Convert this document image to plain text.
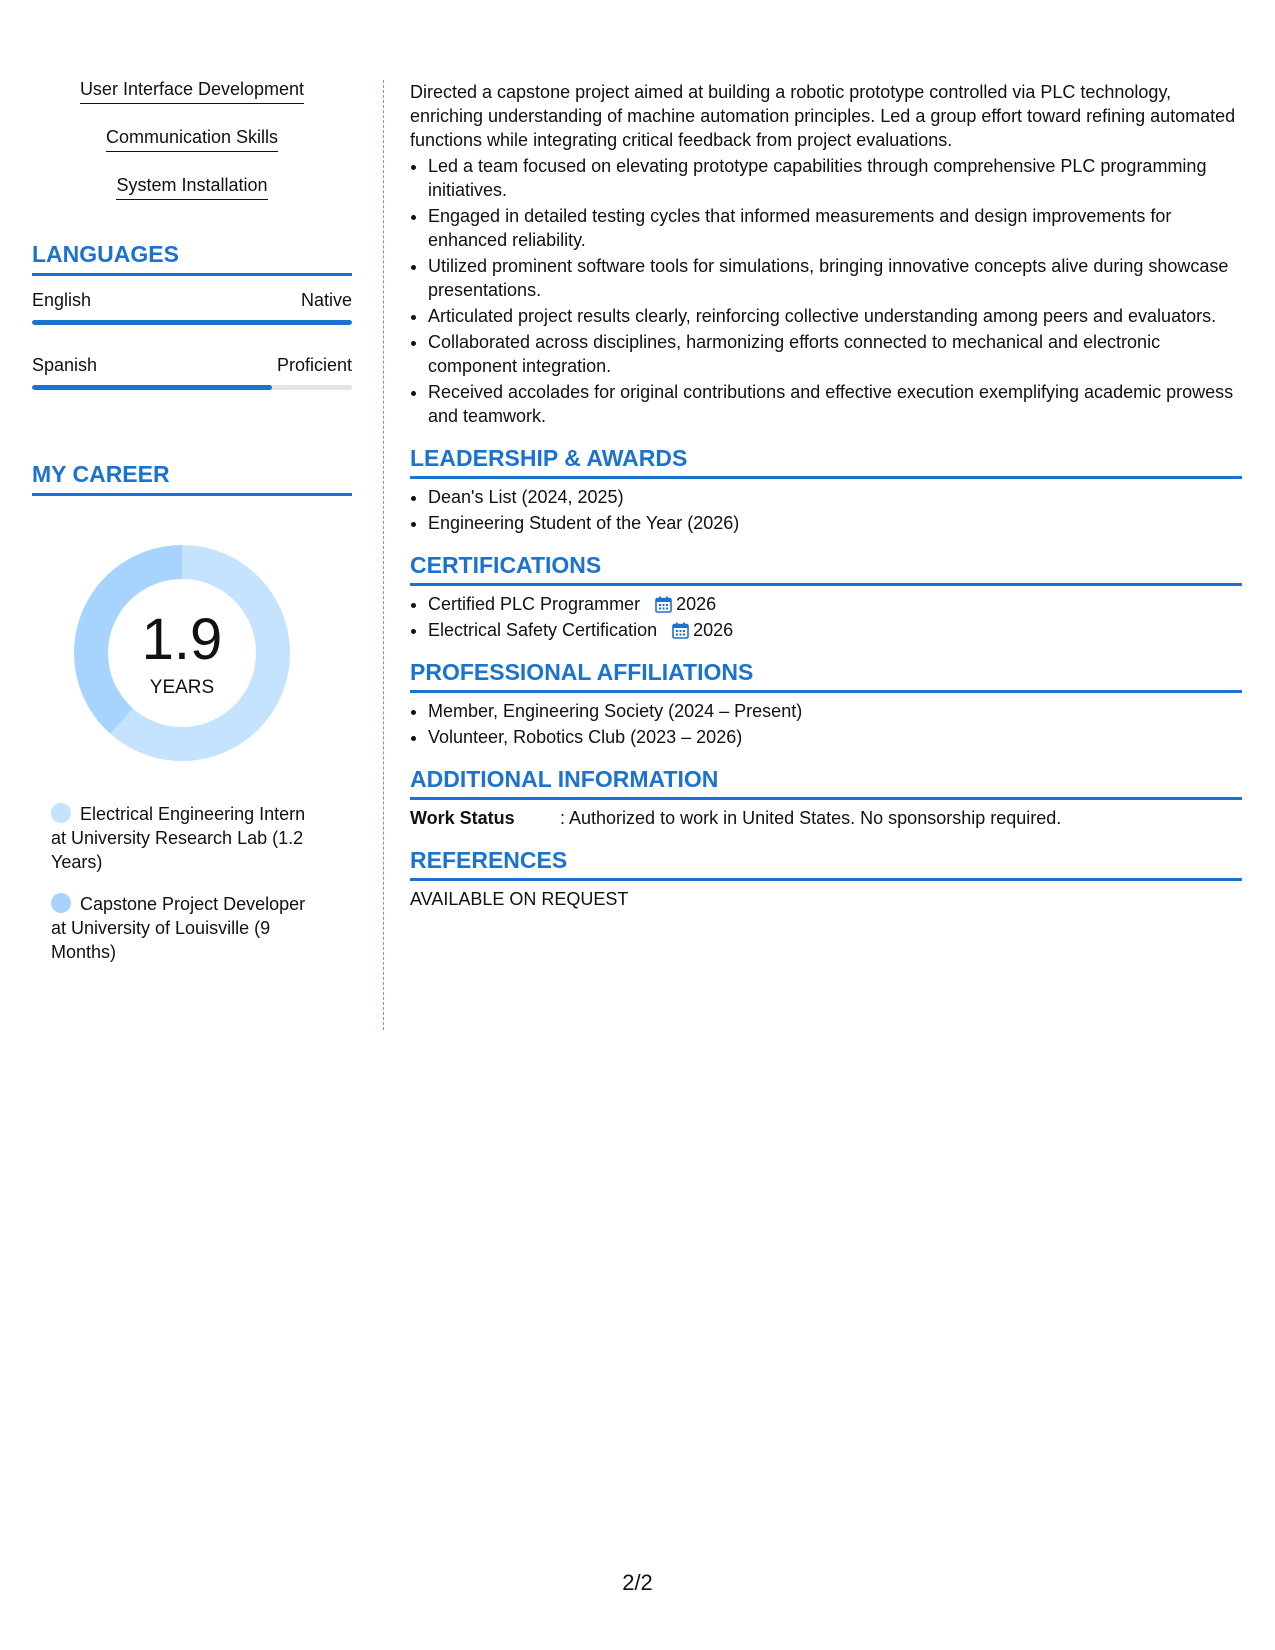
User Interface Development
Communication Skills
System Installation
LANGUAGES
English	Native
Spanish	Proficient
MY CAREER
1.9
YEARS
Electrical Engineering Intern at University Research Lab (1.2 Years)
Capstone Project Developer at University of Louisville (9 Months)

Directed a capstone project aimed at building a robotic prototype controlled via PLC technology, enriching understanding of machine automation principles. Led a group effort toward refining automated functions while integrating critical feedback from project evaluations.

• Led a team focused on elevating prototype capabilities through comprehensive PLC programming initiatives.
• Engaged in detailed testing cycles that informed measurements and design improvements for enhanced reliability.
• Utilized prominent software tools for simulations, bringing innovative concepts alive during showcase presentations.
• Articulated project results clearly, reinforcing collective understanding among peers and evaluators.
• Collaborated across disciplines, harmonizing efforts connected to mechanical and electronic component integration.
• Received accolades for original contributions and effective execution exemplifying academic prowess and teamwork.
LEADERSHIP & AWARDS
• Dean's List (2024, 2025)
• Engineering Student of the Year (2026)
CERTIFICATIONS
• Certified PLC Programmer 2026
• Electrical Safety Certification 2026
PROFESSIONAL AFFILIATIONS
• Member, Engineering Society (2024 – Present)
• Volunteer, Robotics Club (2023 – 2026)
ADDITIONAL INFORMATION
Work Status	: Authorized to work in United States. No sponsorship required.
REFERENCES

AVAILABLE ON REQUEST

2/2
